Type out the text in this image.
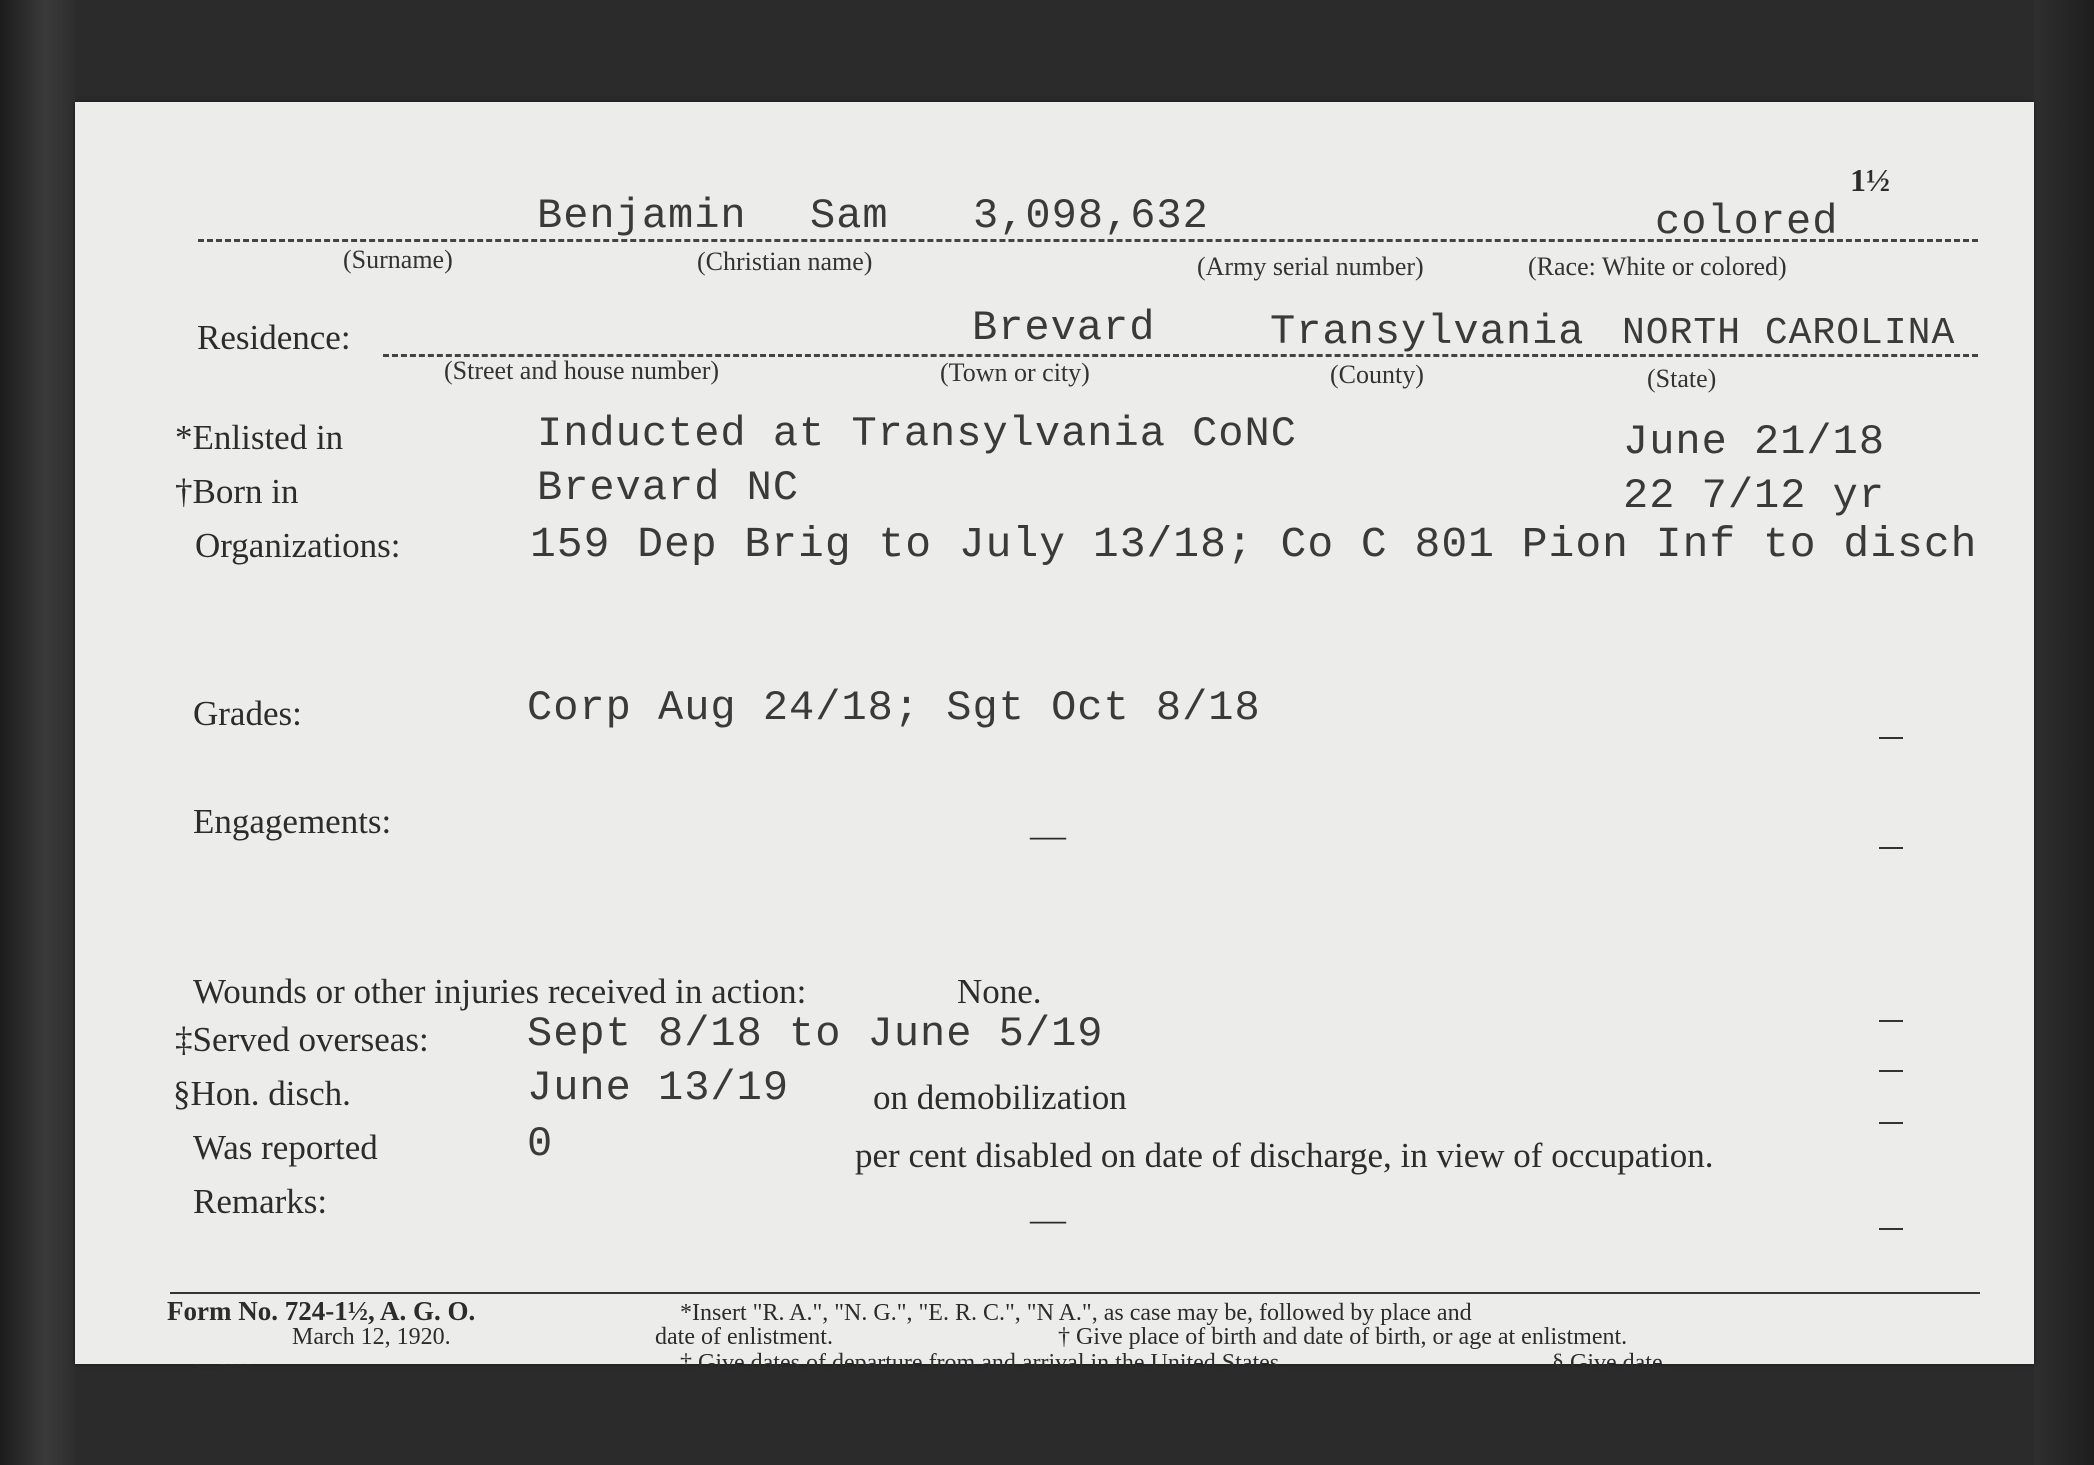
1½
Benjamin Sam 3,098,632	colored
(Surname)	(Christian name)	(Army serial number)	(Race: White or colored)
Residence:	Brevard	Transylvania NORTH CAROLINA
(Street and house number)	(Town or city)	(County)	(State)
*Enlisted in	Inducted at Transylvania CoNC	June 21/18
†Born in	Brevard NC	22 7/12 yr
Organizations:	159 Dep Brig to July 13/18; Co C 801 Pion Inf to disch
Grades:	Corp Aug 24/18; Sgt Oct 8/18
Engagements:	—
Wounds or other injuries received in action:	None.
‡Served overseas: Sept 8/18 to June 5/19
§Hon. disch.	June 13/19 on demobilization
Was reported	0	per cent disabled on date of discharge, in view of occupation.
Remarks:	—
Form No. 724-1½, A. G. O.
March 12, 1920.
3—7688
*Insert "R. A.", "N. G.", "E. R. C.", "N A.", as case may be, followed by place and
date of enlistment.	† Give place of birth and date of birth, or age at enlistment.
‡ Give dates of departure from and arrival in the United States.	§ Give date.
